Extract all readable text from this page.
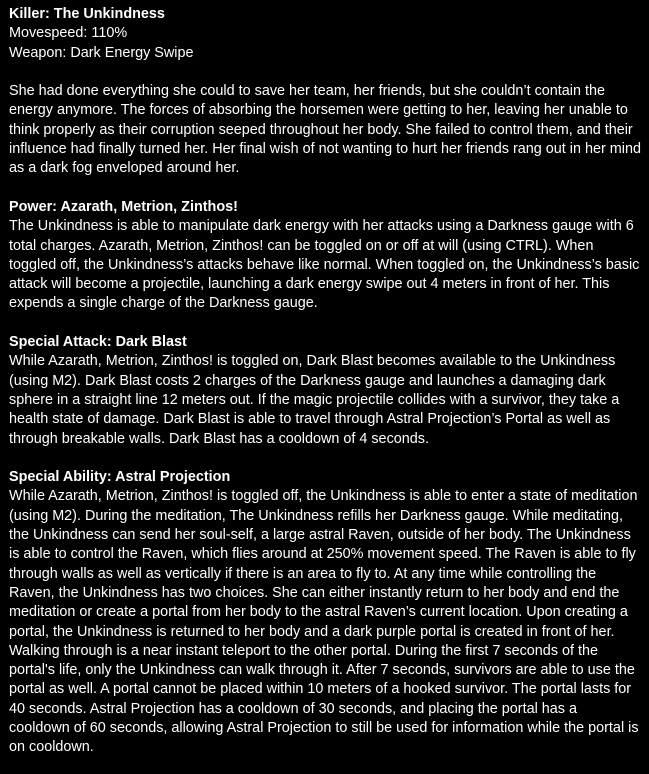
Killer: The Unkindness
Movespeed: 110%
Weapon: Dark Energy Swipe

She had done everything she could to save her team, her friends, but she couldn’t contain the energy anymore. The forces of absorbing the horsemen were getting to her, leaving her unable to think properly as their corruption seeped throughout her body. She failed to control them, and their influence had finally turned her. Her final wish of not wanting to hurt her friends rang out in her mind as a dark fog enveloped around her.

Power: Azarath, Metrion, Zinthos!

The Unkindness is able to manipulate dark energy with her attacks using a Darkness gauge with 6 total charges. Azarath, Metrion, Zinthos! can be toggled on or off at will (using CTRL). When toggled off, the Unkindness’s attacks behave like normal. When toggled on, the Unkindness’s basic attack will become a projectile, launching a dark energy swipe out 4 meters in front of her. This expends a single charge of the Darkness gauge.

Special Attack: Dark Blast

While Azarath, Metrion, Zinthos! is toggled on, Dark Blast becomes available to the Unkindness (using M2). Dark Blast costs 2 charges of the Darkness gauge and launches a damaging dark sphere in a straight line 12 meters out. If the magic projectile collides with a survivor, they take a health state of damage. Dark Blast is able to travel through Astral Projection’s Portal as well as through breakable walls. Dark Blast has a cooldown of 4 seconds.

Special Ability: Astral Projection

While Azarath, Metrion, Zinthos! is toggled off, the Unkindness is able to enter a state of meditation (using M2). During the meditation, The Unkindness refills her Darkness gauge. While meditating, the Unkindness can send her soul-self, a large astral Raven, outside of her body. The Unkindness is able to control the Raven, which flies around at 250% movement speed. The Raven is able to fly through walls as well as vertically if there is an area to fly to. At any time while controlling the Raven, the Unkindness has two choices. She can either instantly return to her body and end the meditation or create a portal from her body to the astral Raven’s current location. Upon creating a portal, the Unkindness is returned to her body and a dark purple portal is created in front of her. Walking through is a near instant teleport to the other portal. During the first 7 seconds of the portal's life, only the Unkindness can walk through it. After 7 seconds, survivors are able to use the portal as well. A portal cannot be placed within 10 meters of a hooked survivor. The portal lasts for 40 seconds. Astral Projection has a cooldown of 30 seconds, and placing the portal has a cooldown of 60 seconds, allowing Astral Projection to still be used for information while the portal is on cooldown.
